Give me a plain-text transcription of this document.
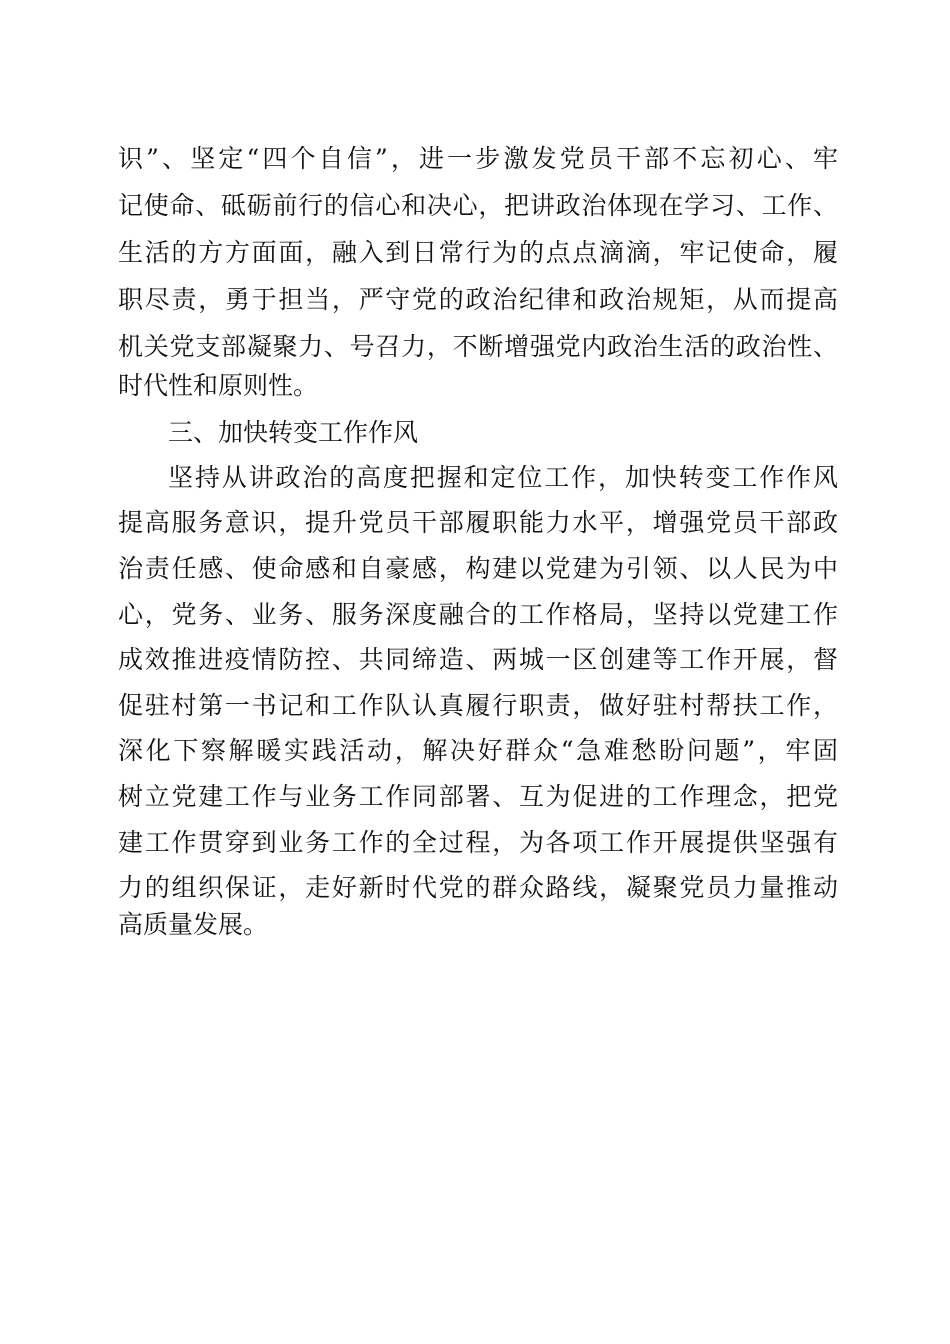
识”、坚定“四个自信”，进一步激发党员干部不忘初心、牢
记使命、砥砺前行的信心和决心，把讲政治体现在学习、工作、
生活的方方面面，融入到日常行为的点点滴滴，牢记使命，履
职尽责，勇于担当，严守党的政治纪律和政治规矩，从而提高
机关党支部凝聚力、号召力，不断增强党内政治生活的政治性、
时代性和原则性。
三、加快转变工作作风
坚持从讲政治的高度把握和定位工作，加快转变工作作风
提高服务意识，提升党员干部履职能力水平，增强党员干部政
治责任感、使命感和自豪感，构建以党建为引领、以人民为中
心，党务、业务、服务深度融合的工作格局，坚持以党建工作
成效推进疫情防控、共同缔造、两城一区创建等工作开展，督
促驻村第一书记和工作队认真履行职责，做好驻村帮扶工作，
深化下察解暖实践活动，解决好群众“急难愁盼问题”，牢固
树立党建工作与业务工作同部署、互为促进的工作理念，把党
建工作贯穿到业务工作的全过程，为各项工作开展提供坚强有
力的组织保证，走好新时代党的群众路线，凝聚党员力量推动
高质量发展。
